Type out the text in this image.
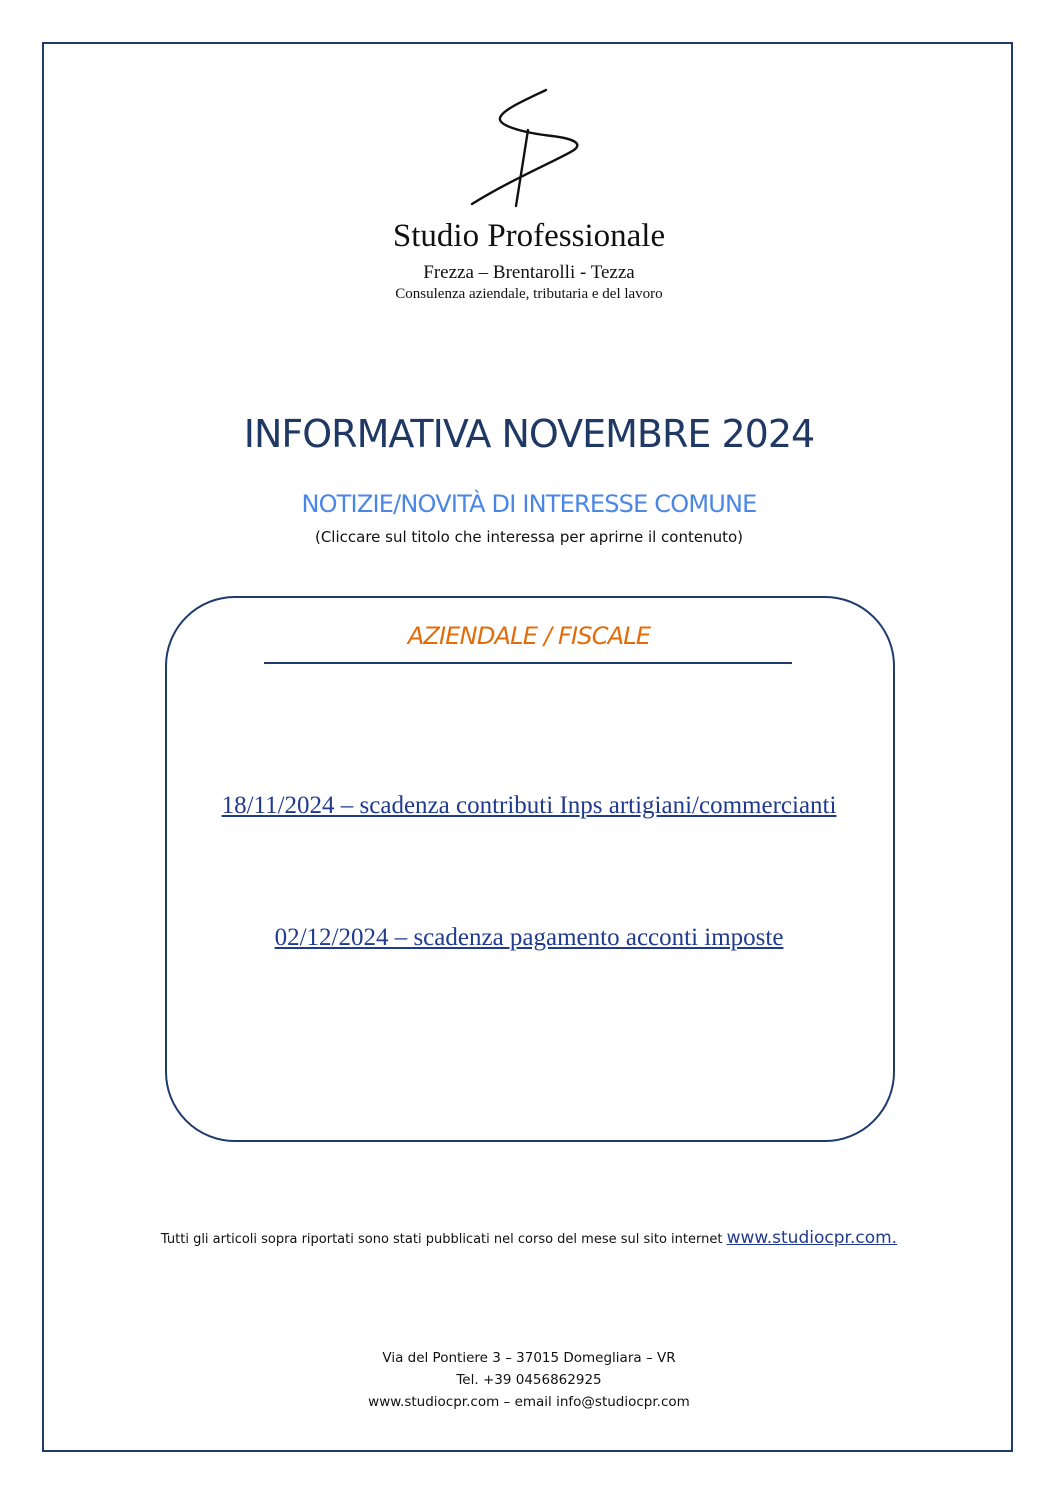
Studio Professionale
Frezza – Brentarolli - Tezza
Consulenza aziendale, tributaria e del lavoro
INFORMATIVA NOVEMBRE 2024
NOTIZIE/NOVITÀ DI INTERESSE COMUNE
(Cliccare sul titolo che interessa per aprirne il contenuto)
AZIENDALE / FISCALE
18/11/2024 – scadenza contributi Inps artigiani/commercianti
02/12/2024 – scadenza pagamento acconti imposte
Tutti gli articoli sopra riportati sono stati pubblicati nel corso del mese sul sito internet www.studiocpr.com.
Via del Pontiere 3 – 37015 Domegliara – VR
Tel. +39 0456862925
www.studiocpr.com – email info@studiocpr.com
